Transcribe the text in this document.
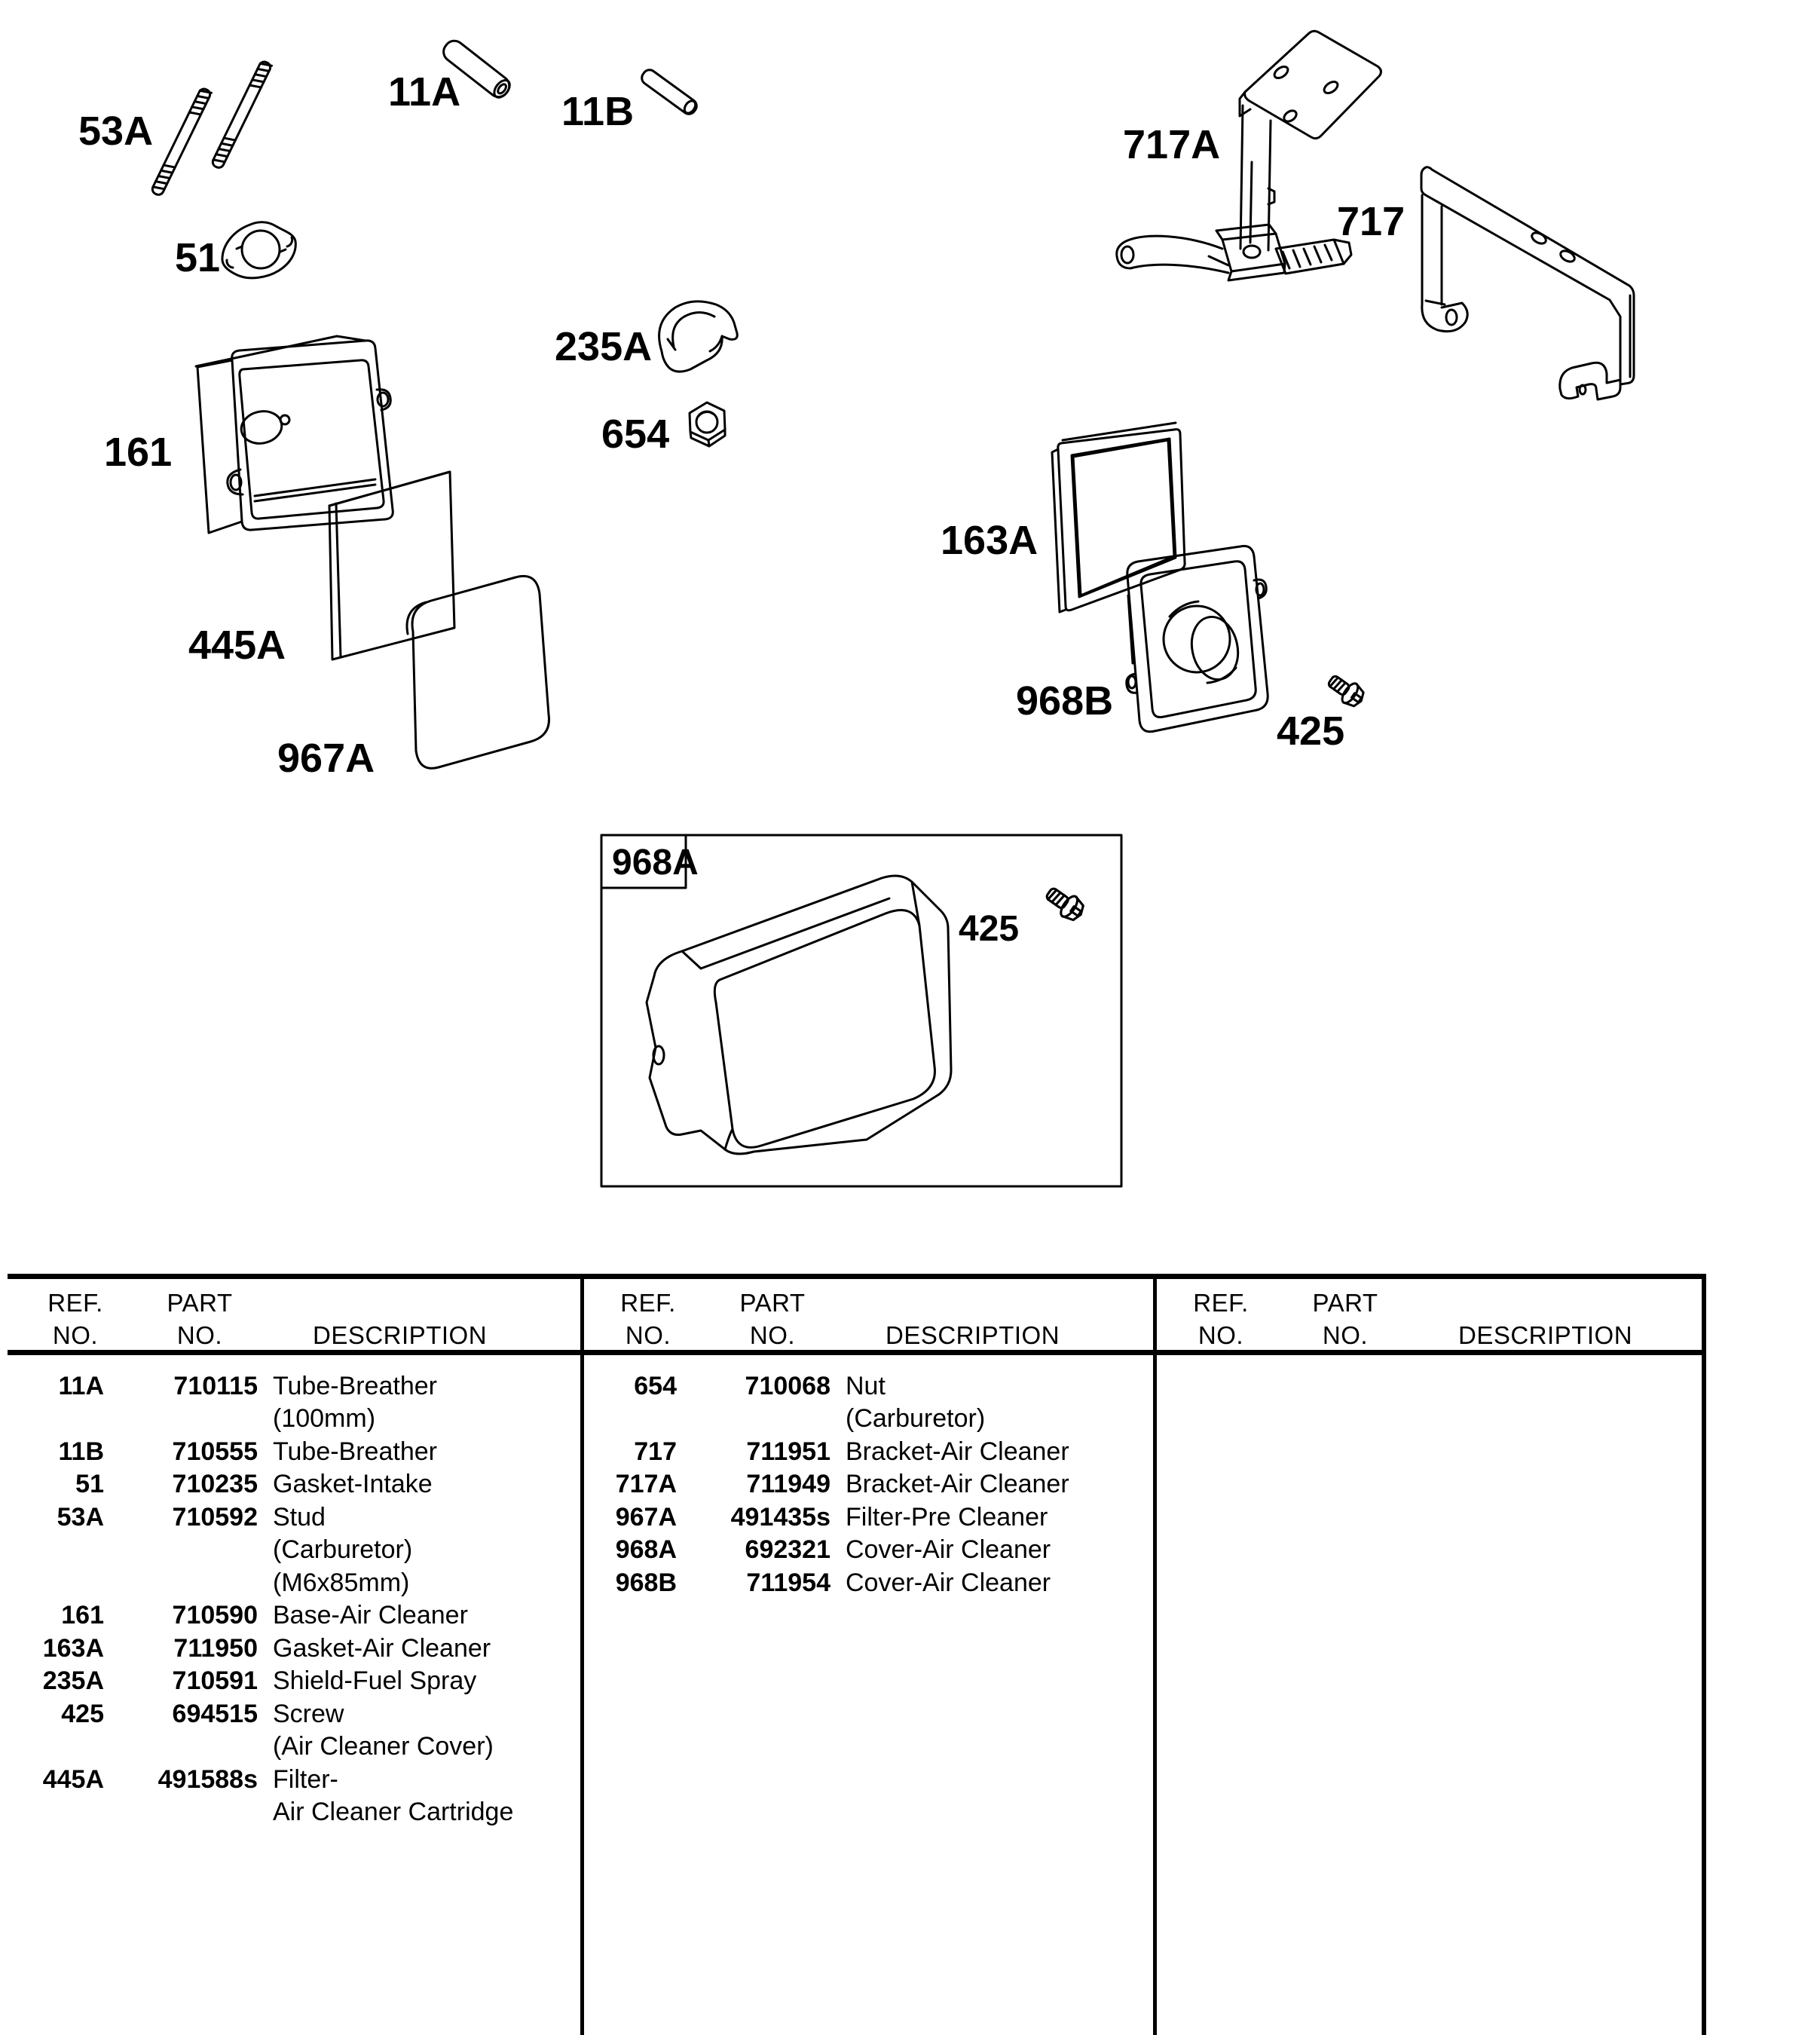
53A
11A 11B
51
161
445A
967A
235A
654
717A
717
163A
968B
425
968A
425
REF.
NO.
PART
NO.	DESCRIPTION
11A	710115 Tube-Breather
(100mm)
11B	710555 Tube-Breather
51	710235 Gasket-Intake
53A	710592 Stud
(Carburetor)
(M6x85mm)
161	710590 Base-Air Cleaner
163A	711950 Gasket-Air Cleaner
235A	710591 Shield-Fuel Spray
425	694515 Screw
(Air Cleaner Cover)
445A	491588s Filter-
Air Cleaner Cartridge
REF.
NO.
PART
NO.	DESCRIPTION
654	710068 Nut
(Carburetor)
717	711951 Bracket-Air Cleaner
717A	711949 Bracket-Air Cleaner
967A	491435s Filter-Pre Cleaner
968A	692321 Cover-Air Cleaner
968B	711954 Cover-Air Cleaner
REF.
NO.
PART
NO.	DESCRIPTION
